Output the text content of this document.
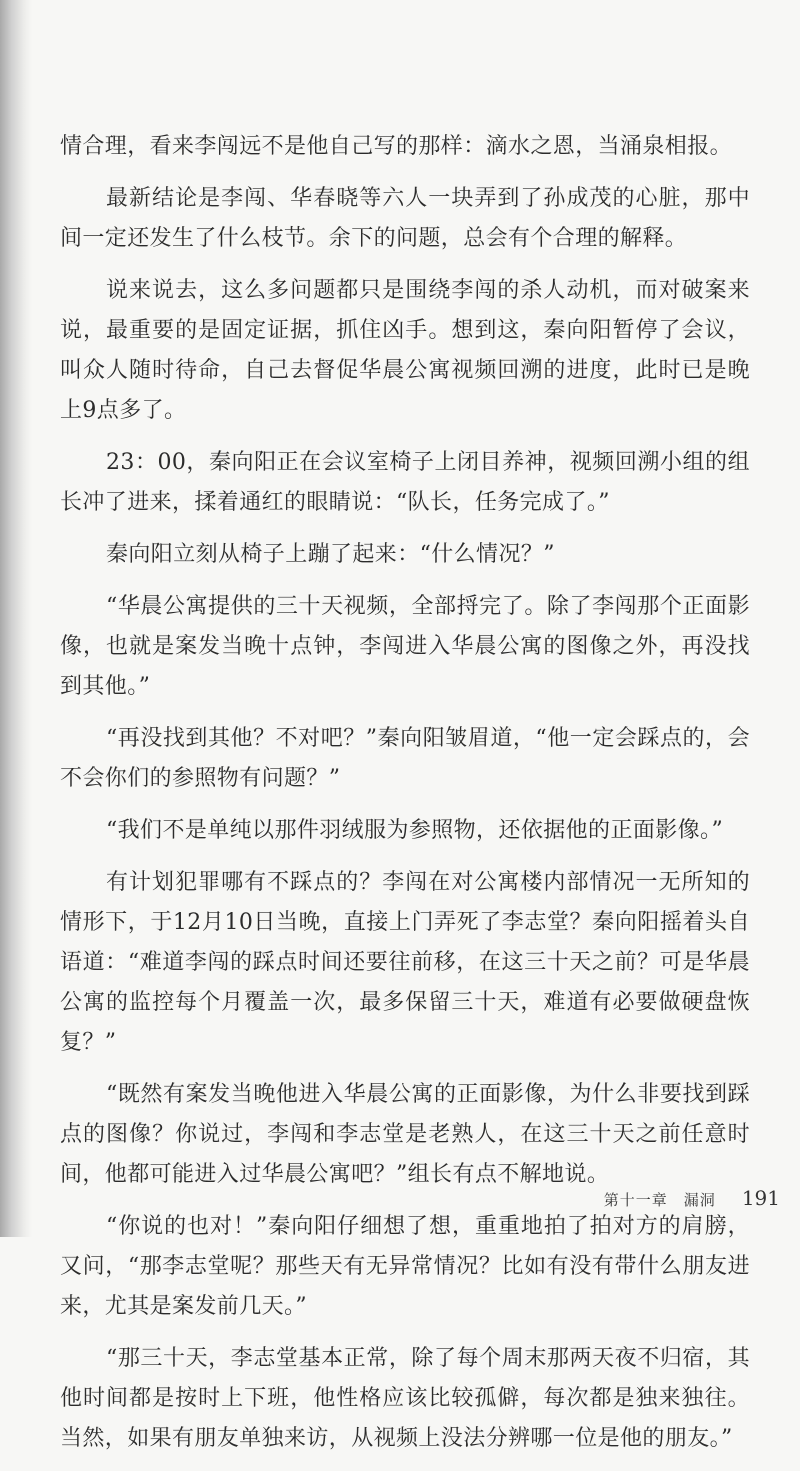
情合理，看来李闯远不是他自己写的那样：滴水之恩，当涌泉相报。

最新结论是李闯、华春晓等六人一块弄到了孙成茂的心脏，那中间一定还发生了什么枝节。余下的问题，总会有个合理的解释。

说来说去，这么多问题都只是围绕李闯的杀人动机，而对破案来说，最重要的是固定证据，抓住凶手。想到这，秦向阳暂停了会议，叫众人随时待命，自己去督促华晨公寓视频回溯的进度，此时已是晚上9点多了。

23：00，秦向阳正在会议室椅子上闭目养神，视频回溯小组的组长冲了进来，揉着通红的眼睛说：“队长，任务完成了。”

秦向阳立刻从椅子上蹦了起来：“什么情况？”

“华晨公寓提供的三十天视频，全部捋完了。除了李闯那个正面影像，也就是案发当晚十点钟，李闯进入华晨公寓的图像之外，再没找到其他。”

“再没找到其他？不对吧？”秦向阳皱眉道，“他一定会踩点的，会不会你们的参照物有问题？”

“我们不是单纯以那件羽绒服为参照物，还依据他的正面影像。”

有计划犯罪哪有不踩点的？李闯在对公寓楼内部情况一无所知的情形下，于12月10日当晚，直接上门弄死了李志堂？秦向阳摇着头自语道：“难道李闯的踩点时间还要往前移，在这三十天之前？可是华晨公寓的监控每个月覆盖一次，最多保留三十天，难道有必要做硬盘恢复？”

“既然有案发当晚他进入华晨公寓的正面影像，为什么非要找到踩点的图像？你说过，李闯和李志堂是老熟人，在这三十天之前任意时间，他都可能进入过华晨公寓吧？”组长有点不解地说。

“你说的也对！”秦向阳仔细想了想，重重地拍了拍对方的肩膀，又问，“那李志堂呢？那些天有无异常情况？比如有没有带什么朋友进来，尤其是案发前几天。”

“那三十天，李志堂基本正常，除了每个周末那两天夜不归宿，其他时间都是按时上下班，他性格应该比较孤僻，每次都是独来独往。当然，如果有朋友单独来访，从视频上没法分辨哪一位是他的朋友。”

第十一章　漏洞 191
